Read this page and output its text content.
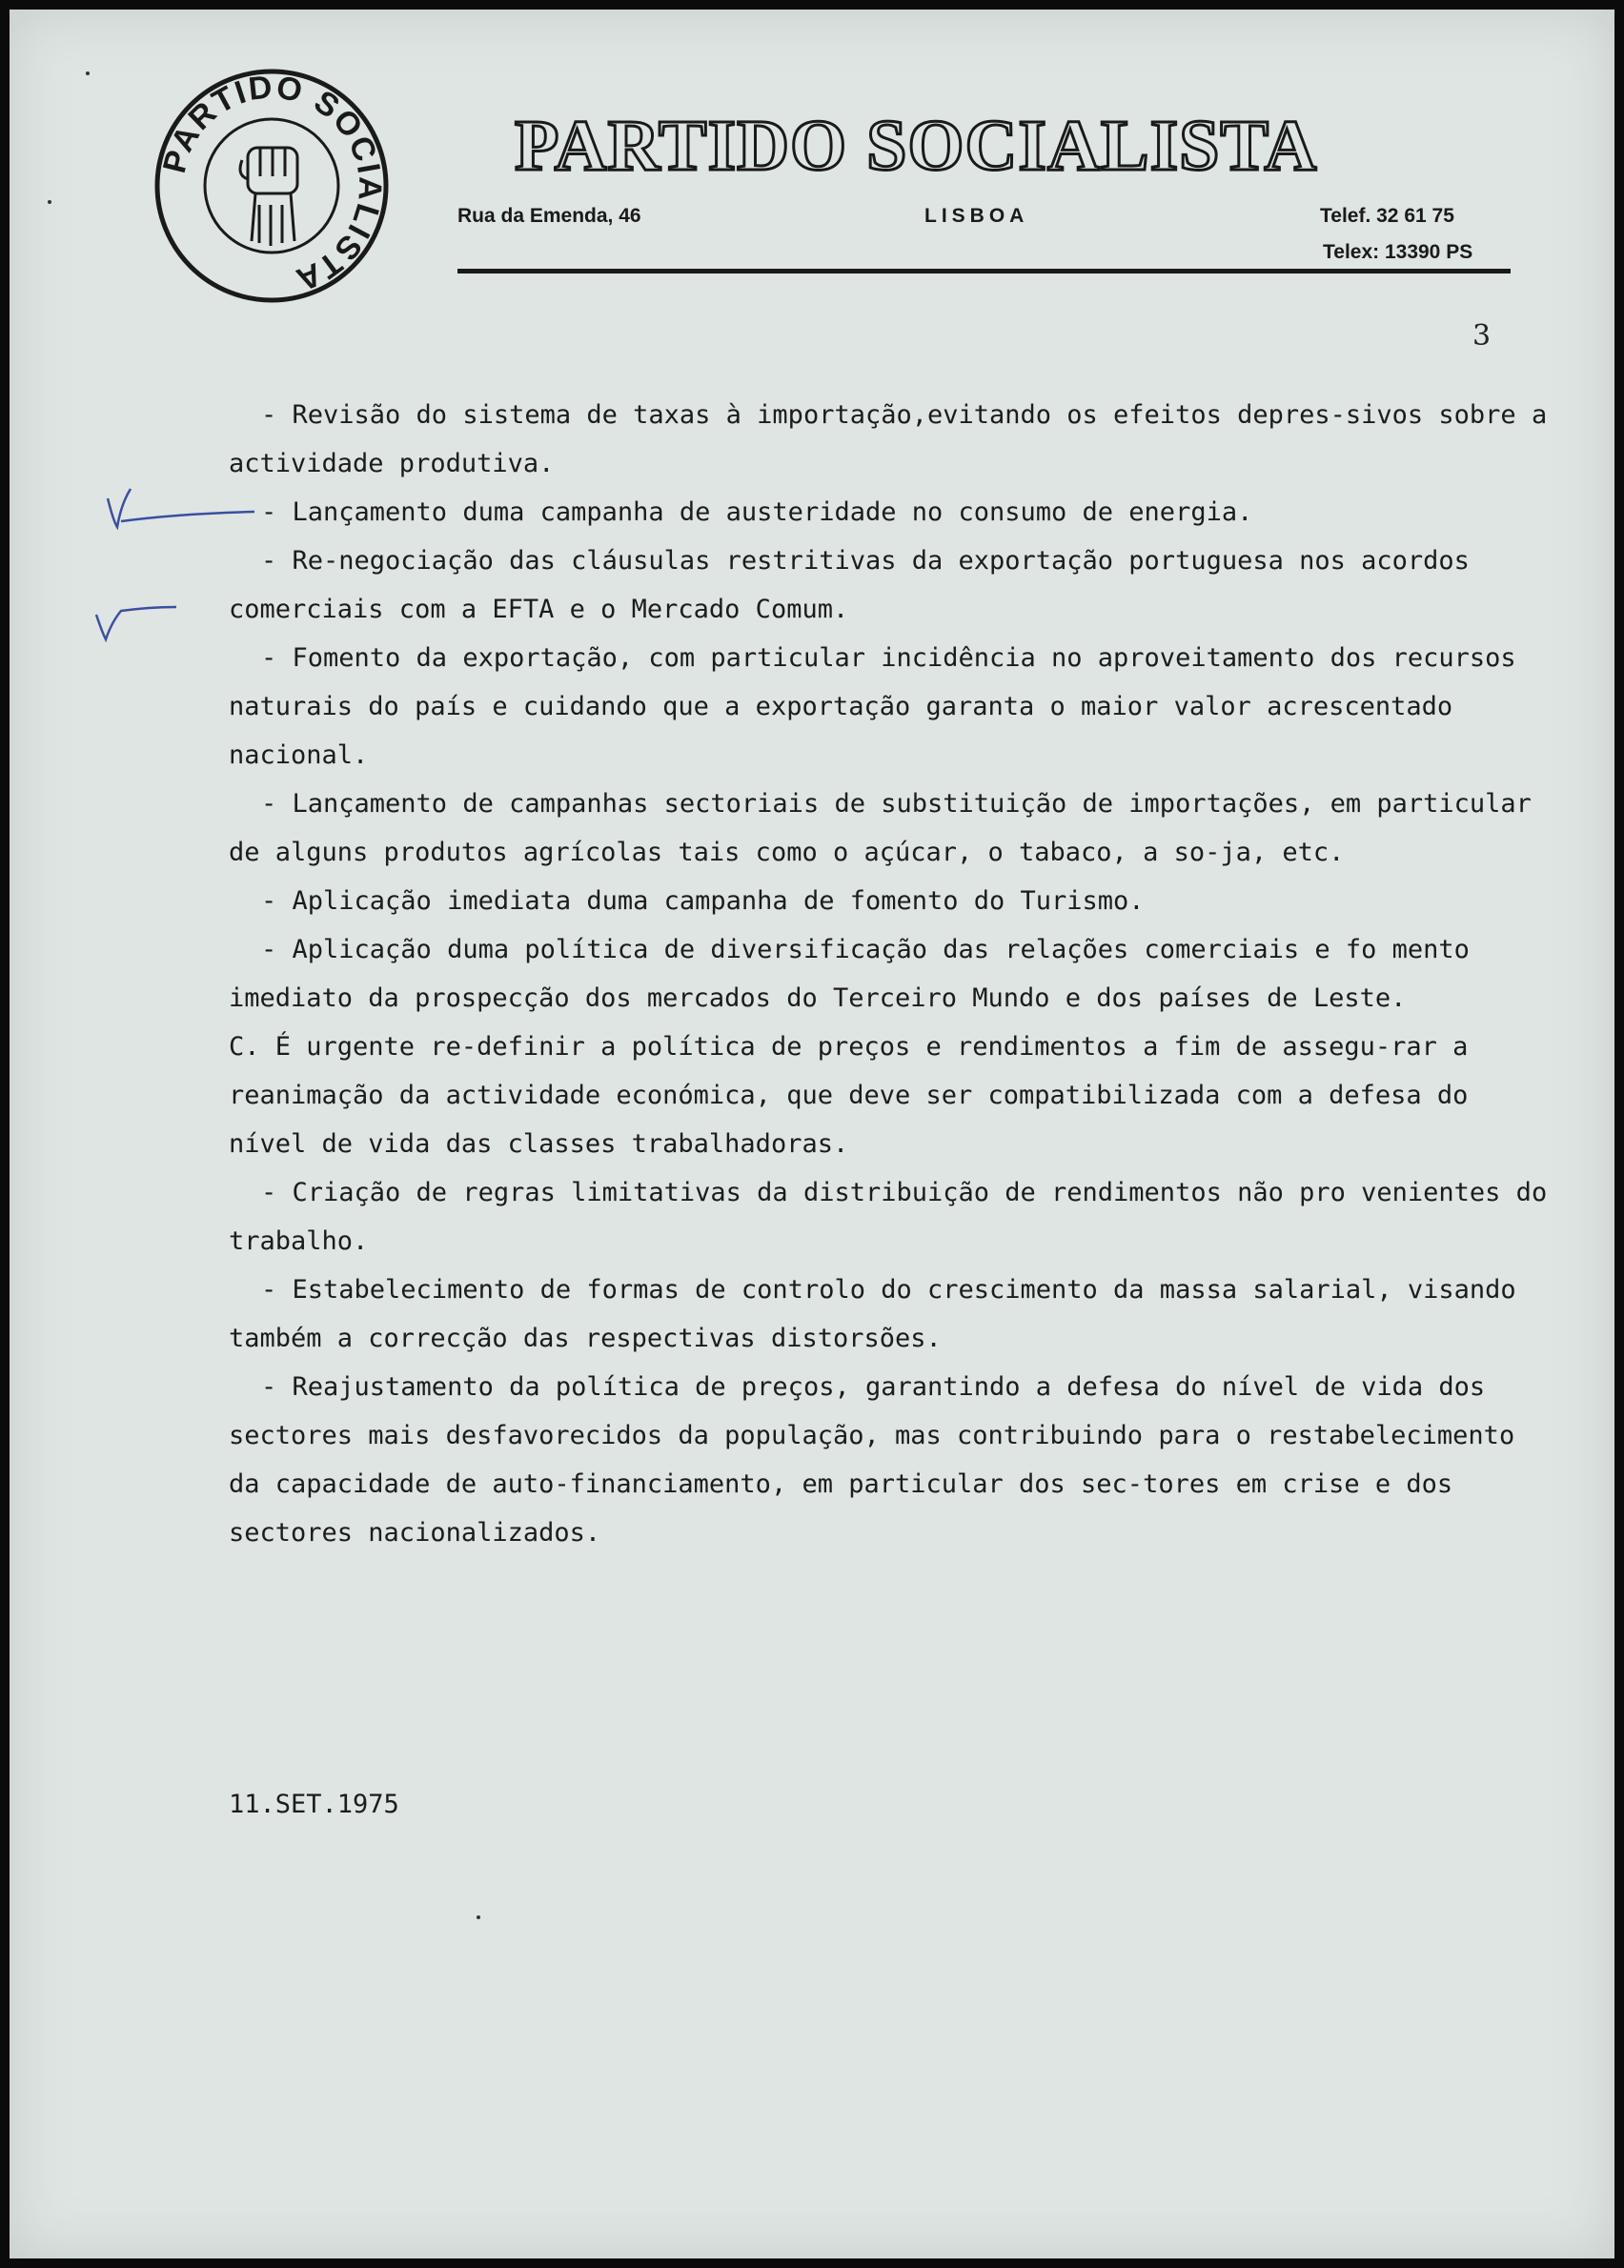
PARTIDO SOCIALISTA
PARTIDO SOCIALISTA
Rua da Emenda, 46	LISBOA	Telef. 32 61 75
Telex: 13390 PS
3

- Revisão do sistema de taxas à importação,evitando os efeitos depres-sivos sobre a actividade produtiva.

- Lançamento duma campanha de austeridade no consumo de energia.

- Re-negociação das cláusulas restritivas da exportação portuguesa nos acordos comerciais com a EFTA e o Mercado Comum.

- Fomento da exportação, com particular incidência no aproveitamento dos recursos naturais do país e cuidando que a exportação garanta o maior valor acrescentado nacional.

- Lançamento de campanhas sectoriais de substituição de importações, em particular de alguns produtos agrícolas tais como o açúcar, o tabaco, a so-ja, etc.

- Aplicação imediata duma campanha de fomento do Turismo.

- Aplicação duma política de diversificação das relações comerciais e fo mento imediato da prospecção dos mercados do Terceiro Mundo e dos países de Leste.

C. É urgente re-definir a política de preços e rendimentos a fim de assegu-rar a reanimação da actividade económica, que deve ser compatibilizada com a defesa do nível de vida das classes trabalhadoras.

- Criação de regras limitativas da distribuição de rendimentos não pro venientes do trabalho.

- Estabelecimento de formas de controlo do crescimento da massa salarial, visando também a correcção das respectivas distorsões.

- Reajustamento da política de preços, garantindo a defesa do nível de vida dos sectores mais desfavorecidos da população, mas contribuindo para o restabelecimento da capacidade de auto-financiamento, em particular dos sec-tores em crise e dos sectores nacionalizados.

11.SET.1975
